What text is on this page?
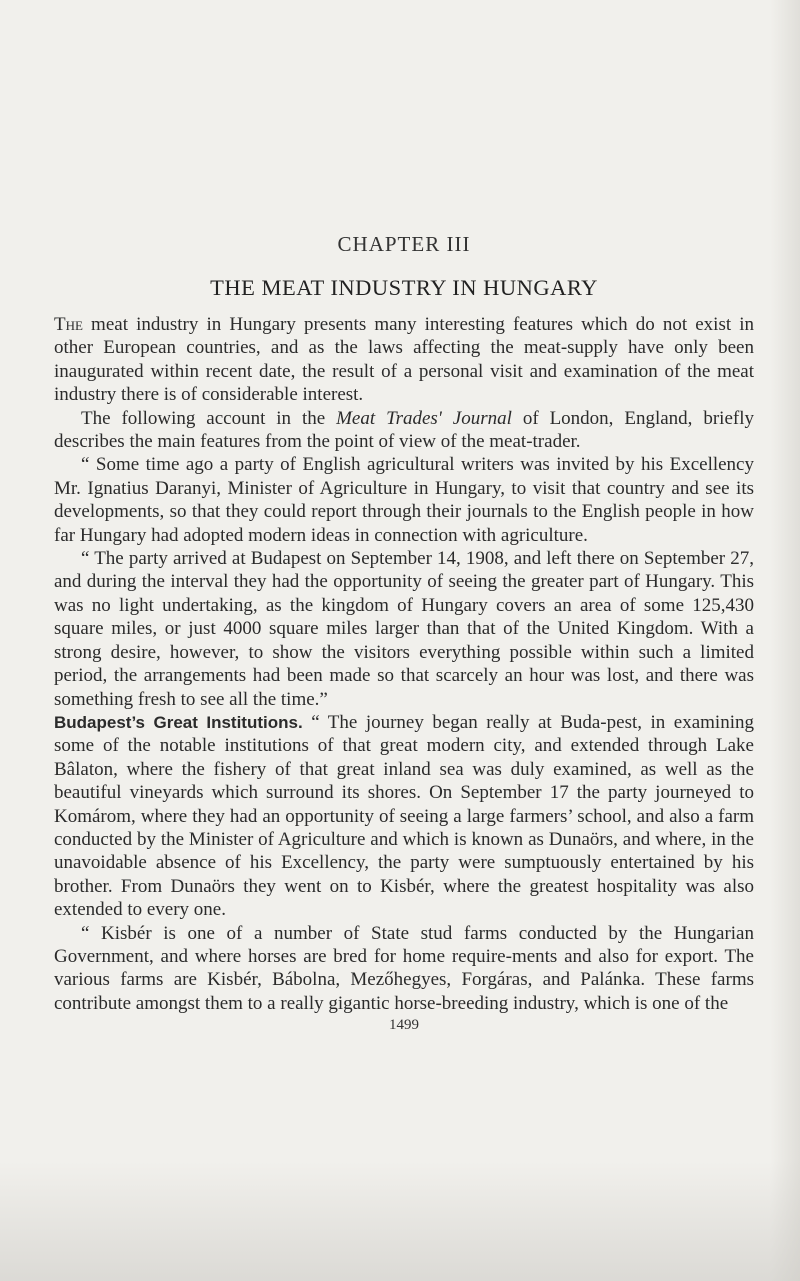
CHAPTER III
THE MEAT INDUSTRY IN HUNGARY

The meat industry in Hungary presents many interesting features which do not exist in other European countries, and as the laws affecting the meat-supply have only been inaugurated within recent date, the result of a personal visit and examination of the meat industry there is of considerable interest.

The following account in the Meat Trades' Journal of London, England, briefly describes the main features from the point of view of the meat-trader.

“ Some time ago a party of English agricultural writers was invited by his Excellency Mr. Ignatius Daranyi, Minister of Agriculture in Hungary, to visit that country and see its developments, so that they could report through their journals to the English people in how far Hungary had adopted modern ideas in connection with agriculture.

“ The party arrived at Budapest on September 14, 1908, and left there on September 27, and during the interval they had the opportunity of seeing the greater part of Hungary. This was no light undertaking, as the kingdom of Hungary covers an area of some 125,430 square miles, or just 4000 square miles larger than that of the United Kingdom. With a strong desire, however, to show the visitors everything possible within such a limited period, the arrangements had been made so that scarcely an hour was lost, and there was something fresh to see all the time.”

Budapest’s Great Institutions. “ The journey began really at Buda-pest, in examining some of the notable institutions of that great modern city, and extended through Lake Bâlaton, where the fishery of that great inland sea was duly examined, as well as the beautiful vineyards which surround its shores. On September 17 the party journeyed to Komárom, where they had an opportunity of seeing a large farmers’ school, and also a farm conducted by the Minister of Agriculture and which is known as Dunaörs, and where, in the unavoidable absence of his Excellency, the party were sumptuously entertained by his brother. From Dunaörs they went on to Kisbér, where the greatest hospitality was also extended to every one.

“ Kisbér is one of a number of State stud farms conducted by the Hungarian Government, and where horses are bred for home require-ments and also for export. The various farms are Kisbér, Bábolna, Mezőhegyes, Forgáras, and Palánka. These farms contribute amongst them to a really gigantic horse-breeding industry, which is one of the

1499
